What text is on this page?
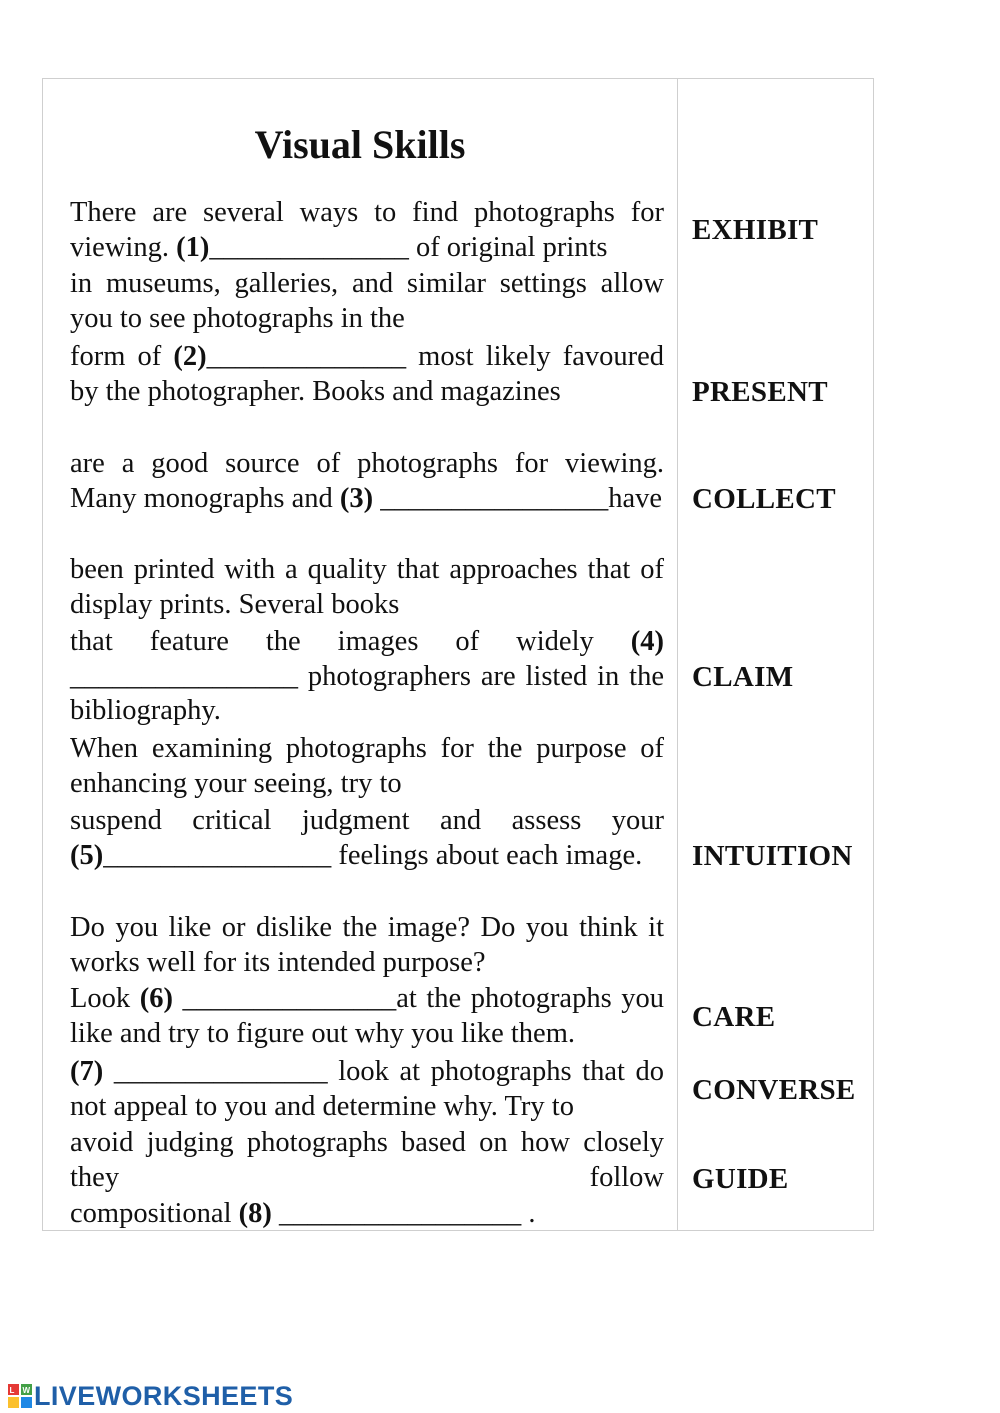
Visual Skills

There are several ways to find photographs for viewing. (1)______________ of original prints

in museums, galleries, and similar settings allow you to see photographs in the

form of (2)______________ most likely favoured by the photographer. Books and magazines

are a good source of photographs for viewing. Many monographs and (3) ________________have

been printed with a quality that approaches that of display prints. Several books

that feature the images of widely (4) ________________ photographers are listed in the bibliography.

When examining photographs for the purpose of enhancing your seeing, try to

suspend critical judgment and assess your (5)________________ feelings about each image.

Do you like or dislike the image? Do you think it works well for its intended purpose?

Look (6) _______________at the photographs you like and try to figure out why you like them.

(7) _______________ look at photographs that do not appeal to you and determine why. Try to

avoid judging photographs based on how closely they follow

compositional (8) _________________ .

EXHIBIT

PRESENT

COLLECT

CLAIM

INTUITION

CARE

CONVERSE

GUIDE

L W LIVEWORKSHEETS
